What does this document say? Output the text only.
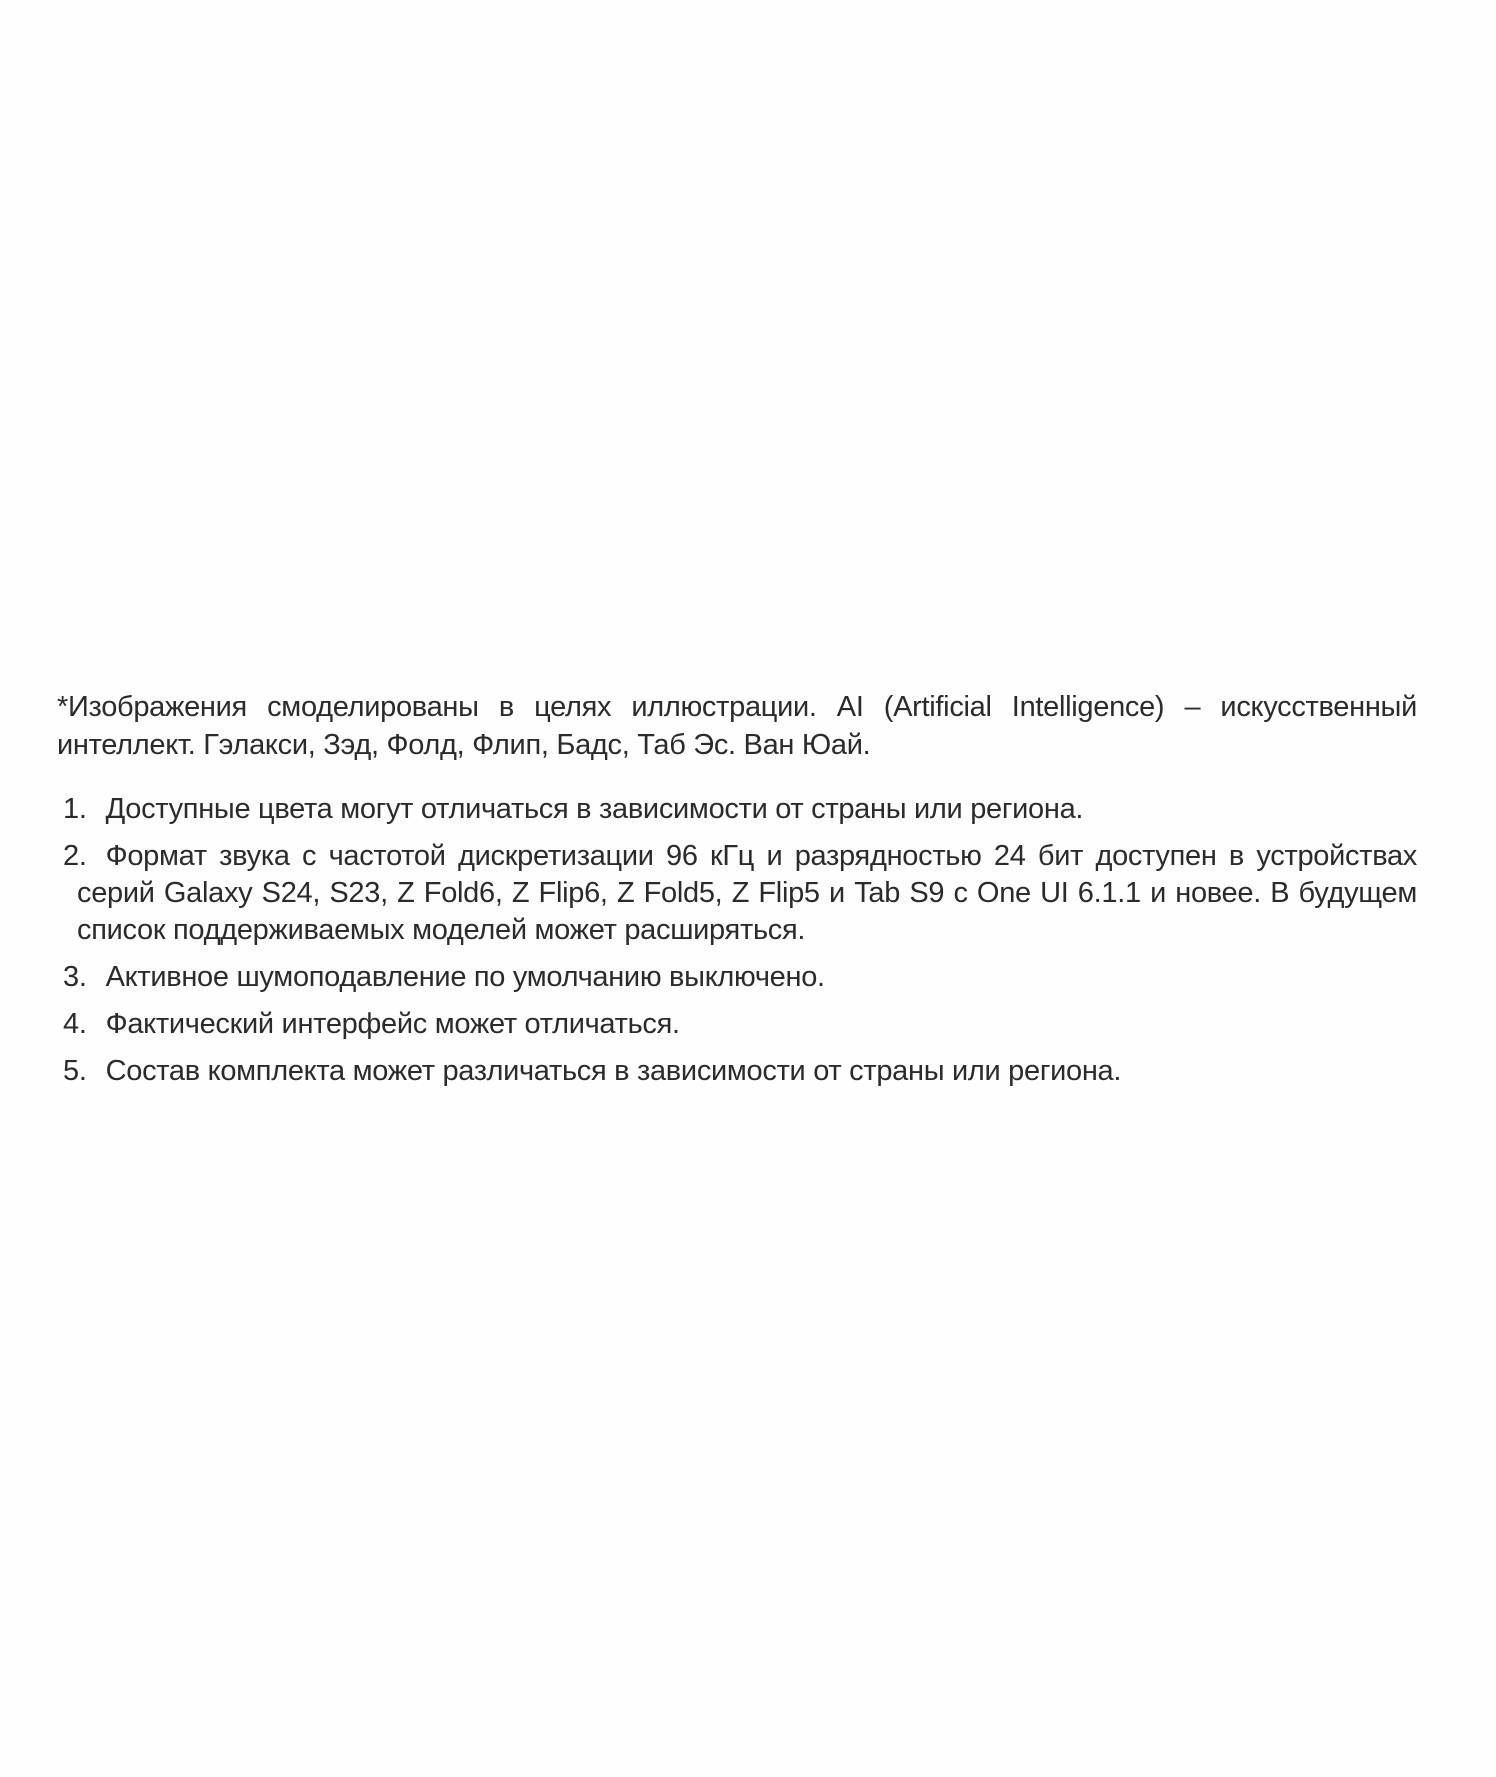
*Изображения смоделированы в целях иллюстрации. AI (Artificial Intelligence) – искусственный интеллект. Гэлакси, Зэд, Фолд, Флип, Бадс, Таб Эс. Ван Юай.

1. Доступные цвета могут отличаться в зависимости от страны или региона.
2. Формат звука с частотой дискретизации 96 кГц и разрядностью 24 бит доступен в устройствах серий Galaxy S24, S23, Z Fold6, Z Flip6, Z Fold5, Z Flip5 и Tab S9 с One UI 6.1.1 и новее. В будущем список поддерживаемых моделей может расширяться.
3. Активное шумоподавление по умолчанию выключено.
4. Фактический интерфейс может отличаться.
5. Состав комплекта может различаться в зависимости от страны или региона.
